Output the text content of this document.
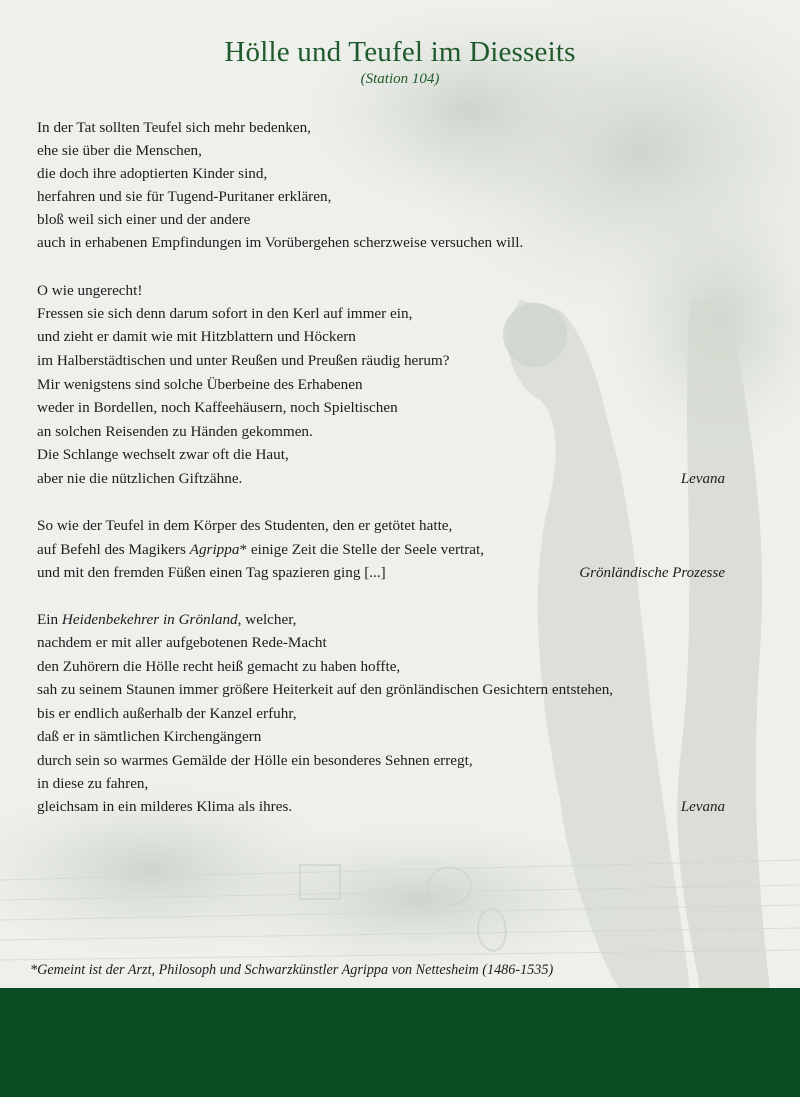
Hölle und Teufel im Diesseits
(Station 104)
In der Tat sollten Teufel sich mehr bedenken,
ehe sie über die Menschen,
die doch ihre adoptierten Kinder sind,
herfahren und sie für Tugend-Puritaner erklären,
bloß weil sich einer und der andere
auch in erhabenen Empfindungen im Vorübergehen scherzweise versuchen will.
O wie ungerecht!
Fressen sie sich denn darum sofort in den Kerl auf immer ein,
und zieht er damit wie mit Hitzblattern und Höckern
im Halberstädtischen und unter Reußen und Preußen räudig herum?
Mir wenigstens sind solche Überbeine des Erhabenen
weder in Bordellen, noch Kaffeehäusern, noch Spieltischen
an solchen Reisenden zu Händen gekommen.
Die Schlange wechselt zwar oft die Haut,
aber nie die nützlichen Giftzähne.	Levana
So wie der Teufel in dem Körper des Studenten, den er getötet hatte,
auf Befehl des Magikers Agrippa* einige Zeit die Stelle der Seele vertrat,
und mit den fremden Füßen einen Tag spazieren ging [...]	Grönländische Prozesse
Ein Heidenbekehrer in Grönland, welcher,
nachdem er mit aller aufgebotenen Rede-Macht
den Zuhörern die Hölle recht heiß gemacht zu haben hoffte,
sah zu seinem Staunen immer größere Heiterkeit auf den grönländischen Gesichtern entstehen,
bis er endlich außerhalb der Kanzel erfuhr,
daß er in sämtlichen Kirchengängern
durch sein so warmes Gemälde der Hölle ein besonderes Sehnen erregt,
in diese zu fahren,
gleichsam in ein milderes Klima als ihres.	Levana
*Gemeint ist der Arzt, Philosoph und Schwarzkünstler Agrippa von Nettesheim (1486-1535)
